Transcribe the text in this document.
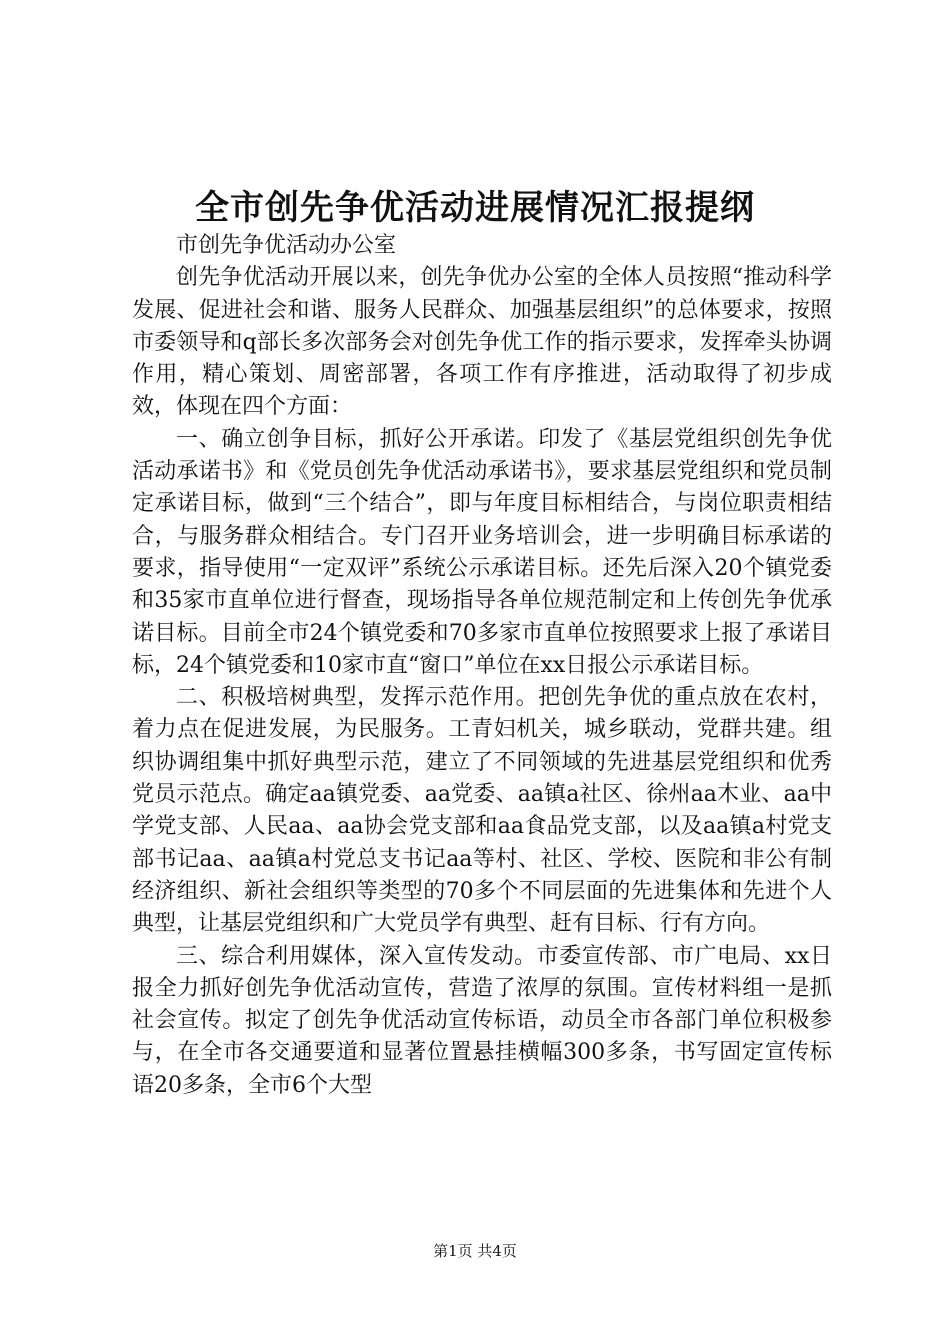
全市创先争优活动进展情况汇报提纲

市创先争优活动办公室

创先争优活动开展以来，创先争优办公室的全体人员按照“推动科学发展、促进社会和谐、服务人民群众、加强基层组织”的总体要求，按照市委领导和q部长多次部务会对创先争优工作的指示要求，发挥牵头协调作用，精心策划、周密部署，各项工作有序推进，活动取得了初步成效，体现在四个方面：

一、确立创争目标，抓好公开承诺。印发了《基层党组织创先争优活动承诺书》和《党员创先争优活动承诺书》，要求基层党组织和党员制定承诺目标，做到“三个结合”，即与年度目标相结合，与岗位职责相结合，与服务群众相结合。专门召开业务培训会，进一步明确目标承诺的要求，指导使用“一定双评”系统公示承诺目标。还先后深入20个镇党委和35家市直单位进行督查，现场指导各单位规范制定和上传创先争优承诺目标。目前全市24个镇党委和70多家市直单位按照要求上报了承诺目标，24个镇党委和10家市直“窗口”单位在xx日报公示承诺目标。

二、积极培树典型，发挥示范作用。把创先争优的重点放在农村，着力点在促进发展，为民服务。工青妇机关，城乡联动，党群共建。组织协调组集中抓好典型示范，建立了不同领域的先进基层党组织和优秀党员示范点。确定aa镇党委、aa党委、aa镇a社区、徐州aa木业、aa中学党支部、人民aa、aa协会党支部和aa食品党支部，以及aa镇a村党支部书记aa、aa镇a村党总支书记aa等村、社区、学校、医院和非公有制经济组织、新社会组织等类型的70多个不同层面的先进集体和先进个人典型，让基层党组织和广大党员学有典型、赶有目标、行有方向。

三、综合利用媒体，深入宣传发动。市委宣传部、市广电局、xx日报全力抓好创先争优活动宣传，营造了浓厚的氛围。宣传材料组一是抓社会宣传。拟定了创先争优活动宣传标语，动员全市各部门单位积极参与，在全市各交通要道和显著位置悬挂横幅300多条，书写固定宣传标语20多条，全市6个大型

第1页 共4页
